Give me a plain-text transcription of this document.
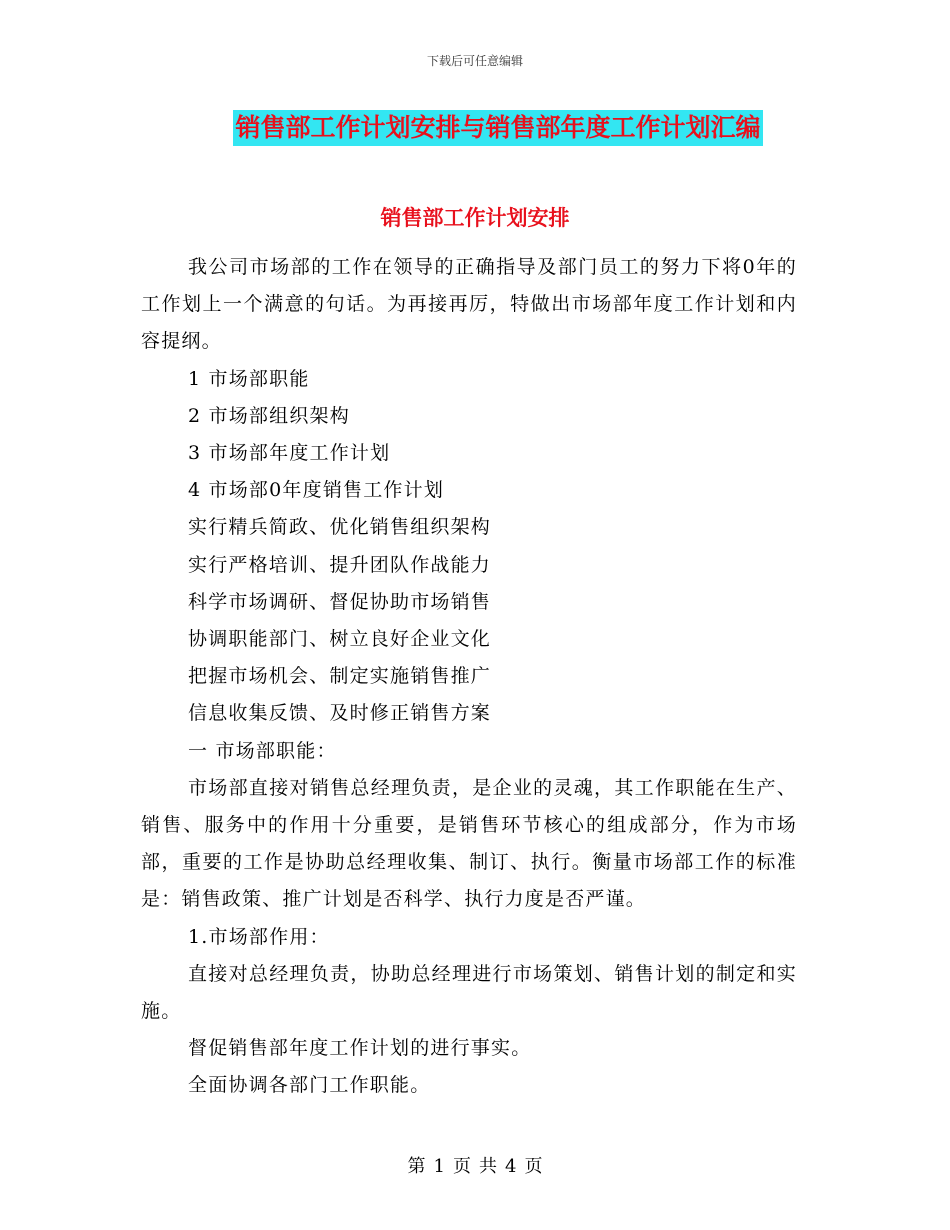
下载后可任意编辑
销售部工作计划安排与销售部年度工作计划汇编
销售部工作计划安排

我公司市场部的工作在领导的正确指导及部门员工的努力下将0年的工作划上一个满意的句话。为再接再厉，特做出市场部年度工作计划和内容提纲。

1 市场部职能

2 市场部组织架构

3 市场部年度工作计划

4 市场部0年度销售工作计划

实行精兵简政、优化销售组织架构

实行严格培训、提升团队作战能力

科学市场调研、督促协助市场销售

协调职能部门、树立良好企业文化

把握市场机会、制定实施销售推广

信息收集反馈、及时修正销售方案

一 市场部职能：

市场部直接对销售总经理负责，是企业的灵魂，其工作职能在生产、销售、服务中的作用十分重要，是销售环节核心的组成部分，作为市场部，重要的工作是协助总经理收集、制订、执行。衡量市场部工作的标准是：销售政策、推广计划是否科学、执行力度是否严谨。

1.市场部作用：

直接对总经理负责，协助总经理进行市场策划、销售计划的制定和实施。

督促销售部年度工作计划的进行事实。

全面协调各部门工作职能。

第 1 页 共 4 页
